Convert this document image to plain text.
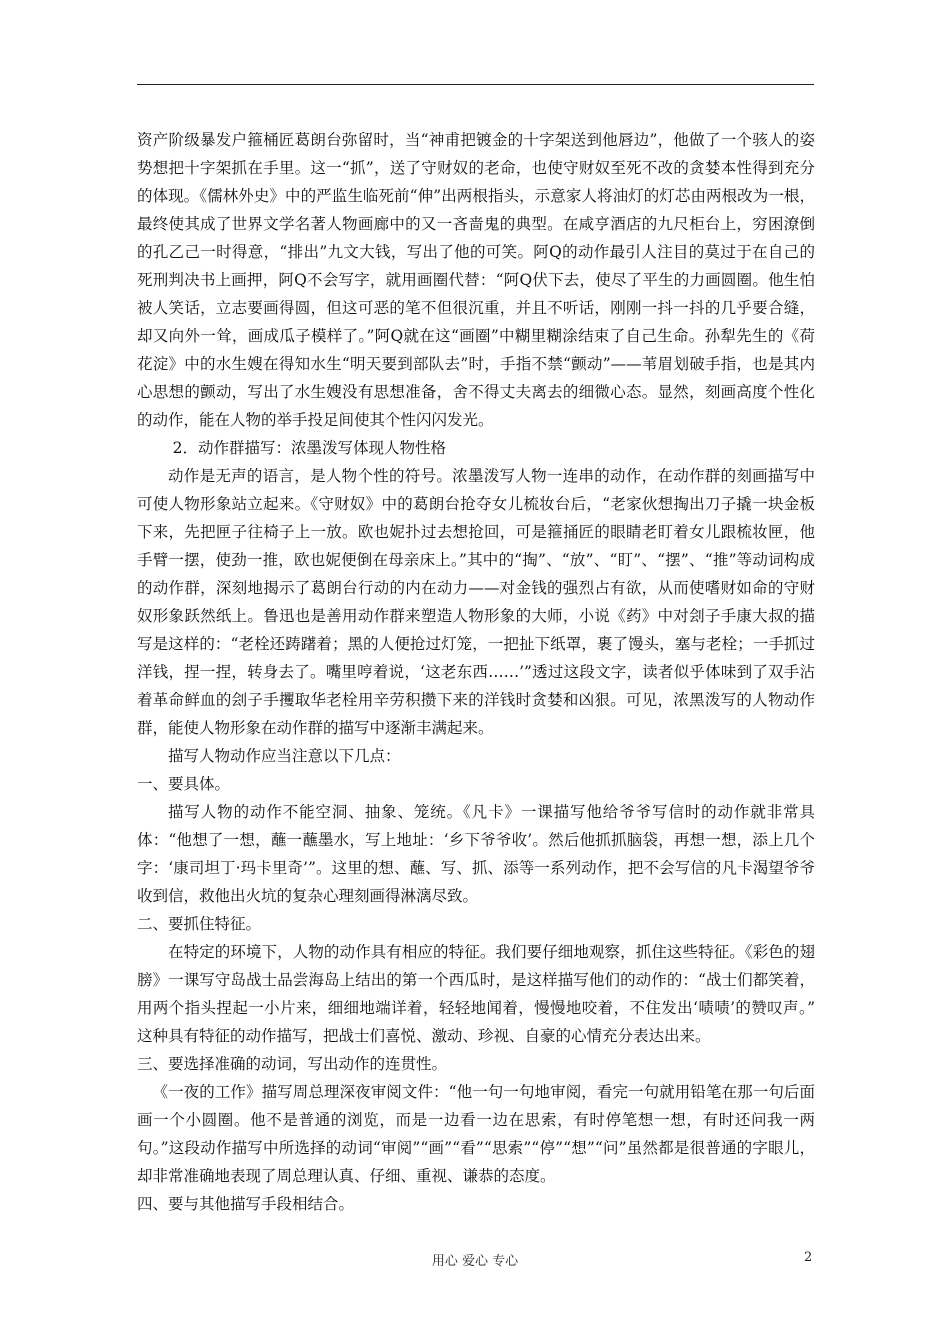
资产阶级暴发户箍桶匠葛朗台弥留时，当“神甫把镀金的十字架送到他唇边”，他做了一个骇人的姿势想把十字架抓在手里。这一“抓”，送了守财奴的老命，也使守财奴至死不改的贪婪本性得到充分的体现。《儒林外史》中的严监生临死前“伸”出两根指头，示意家人将油灯的灯芯由两根改为一根，最终使其成了世界文学名著人物画廊中的又一吝啬鬼的典型。在咸亨酒店的九尺柜台上，穷困潦倒的孔乙己一时得意，“排出”九文大钱，写出了他的可笑。阿Q的动作最引人注目的莫过于在自己的死刑判决书上画押，阿Q不会写字，就用画圈代替：“阿Q伏下去，使尽了平生的力画圆圈。他生怕被人笑话，立志要画得圆，但这可恶的笔不但很沉重，并且不听话，刚刚一抖一抖的几乎要合缝，却又向外一耸，画成瓜子模样了。”阿Q就在这“画圈”中糊里糊涂结束了自己生命。孙犁先生的《荷花淀》中的水生嫂在得知水生“明天要到部队去”时，手指不禁“颤动”——苇眉划破手指，也是其内心思想的颤动，写出了水生嫂没有思想准备，舍不得丈夫离去的细微心态。显然，刻画高度个性化的动作，能在人物的举手投足间使其个性闪闪发光。

2．动作群描写：浓墨泼写体现人物性格

动作是无声的语言，是人物个性的符号。浓墨泼写人物一连串的动作，在动作群的刻画描写中可使人物形象站立起来。《守财奴》中的葛朗台抢夺女儿梳妆台后，“老家伙想掏出刀子撬一块金板下来，先把匣子往椅子上一放。欧也妮扑过去想抢回，可是箍捅匠的眼睛老盯着女儿跟梳妆匣，他手臂一摆，使劲一推，欧也妮便倒在母亲床上。”其中的“掏”、“放”、“盯”、“摆”、“推”等动词构成的动作群，深刻地揭示了葛朗台行动的内在动力——对金钱的强烈占有欲，从而使嗜财如命的守财奴形象跃然纸上。鲁迅也是善用动作群来塑造人物形象的大师，小说《药》中对刽子手康大叔的描写是这样的：“老栓还踌躇着；黑的人便抢过灯笼，一把扯下纸罩，裹了馒头，塞与老栓；一手抓过洋钱，捏一捏，转身去了。嘴里哼着说，‘这老东西……’”透过这段文字，读者似乎体味到了双手沾着革命鲜血的刽子手攫取华老栓用辛劳积攒下来的洋钱时贪婪和凶狠。可见，浓黑泼写的人物动作群，能使人物形象在动作群的描写中逐渐丰满起来。

描写人物动作应当注意以下几点：

一、要具体。

描写人物的动作不能空洞、抽象、笼统。《凡卡》一课描写他给爷爷写信时的动作就非常具体：“他想了一想，蘸一蘸墨水，写上地址：‘乡下爷爷收’。然后他抓抓脑袋，再想一想，添上几个字：‘康司坦丁·玛卡里奇’”。这里的想、蘸、写、抓、添等一系列动作，把不会写信的凡卡渴望爷爷收到信，救他出火坑的复杂心理刻画得淋漓尽致。

二、要抓住特征。

在特定的环境下，人物的动作具有相应的特征。我们要仔细地观察，抓住这些特征。《彩色的翅膀》一课写守岛战士品尝海岛上结出的第一个西瓜时，是这样描写他们的动作的：“战士们都笑着，用两个指头捏起一小片来，细细地端详着，轻轻地闻着，慢慢地咬着，不住发出‘啧啧’的赞叹声。” 这种具有特征的动作描写，把战士们喜悦、激动、珍视、自豪的心情充分表达出来。

三、要选择准确的动词，写出动作的连贯性。

《一夜的工作》描写周总理深夜审阅文件：“他一句一句地审阅，看完一句就用铅笔在那一句后面画一个小圆圈。他不是普通的浏览，而是一边看一边在思索，有时停笔想一想，有时还问我一两句。”这段动作描写中所选择的动词“审阅”“画”“看”“思索”“停”“想”“问”虽然都是很普通的字眼儿，却非常准确地表现了周总理认真、仔细、重视、谦恭的态度。

四、要与其他描写手段相结合。

用心 爱心 专心	2
